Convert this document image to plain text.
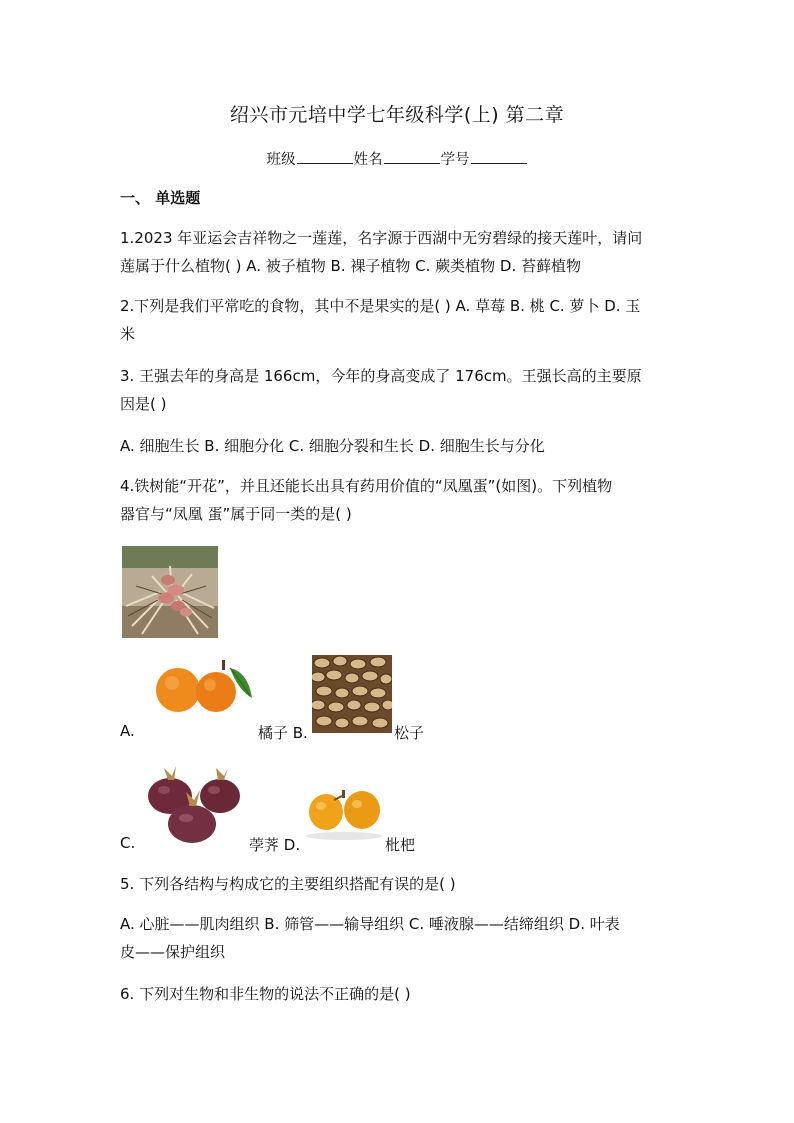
绍兴市元培中学七年级科学(上) 第二章
班级	姓名	学号
一、 单选题
1.2023 年亚运会吉祥物之一莲莲，名字源于西湖中无穷碧绿的接天莲叶，请问
莲属于什么植物( ) A. 被子植物 B. 裸子植物 C. 蕨类植物 D. 苔藓植物
2.下列是我们平常吃的食物，其中不是果实的是( ) A. 草莓 B. 桃 C. 萝卜 D. 玉
米
3. 王强去年的身高是 166cm，今年的身高变成了 176cm。王强长高的主要原
因是( )
A. 细胞生长 B. 细胞分化 C. 细胞分裂和生长 D. 细胞生长与分化
4.铁树能“开花”，并且还能长出具有药用价值的“凤凰蛋”(如图)。下列植物
器官与“凤凰 蛋”属于同一类的是( )
A.	橘子 B.	松子
C.	荸荠 D.	枇杷
5. 下列各结构与构成它的主要组织搭配有误的是( )
A. 心脏——肌肉组织 B. 筛管——输导组织 C. 唾液腺——结缔组织 D. 叶表
皮——保护组织
6. 下列对生物和非生物的说法不正确的是( )
